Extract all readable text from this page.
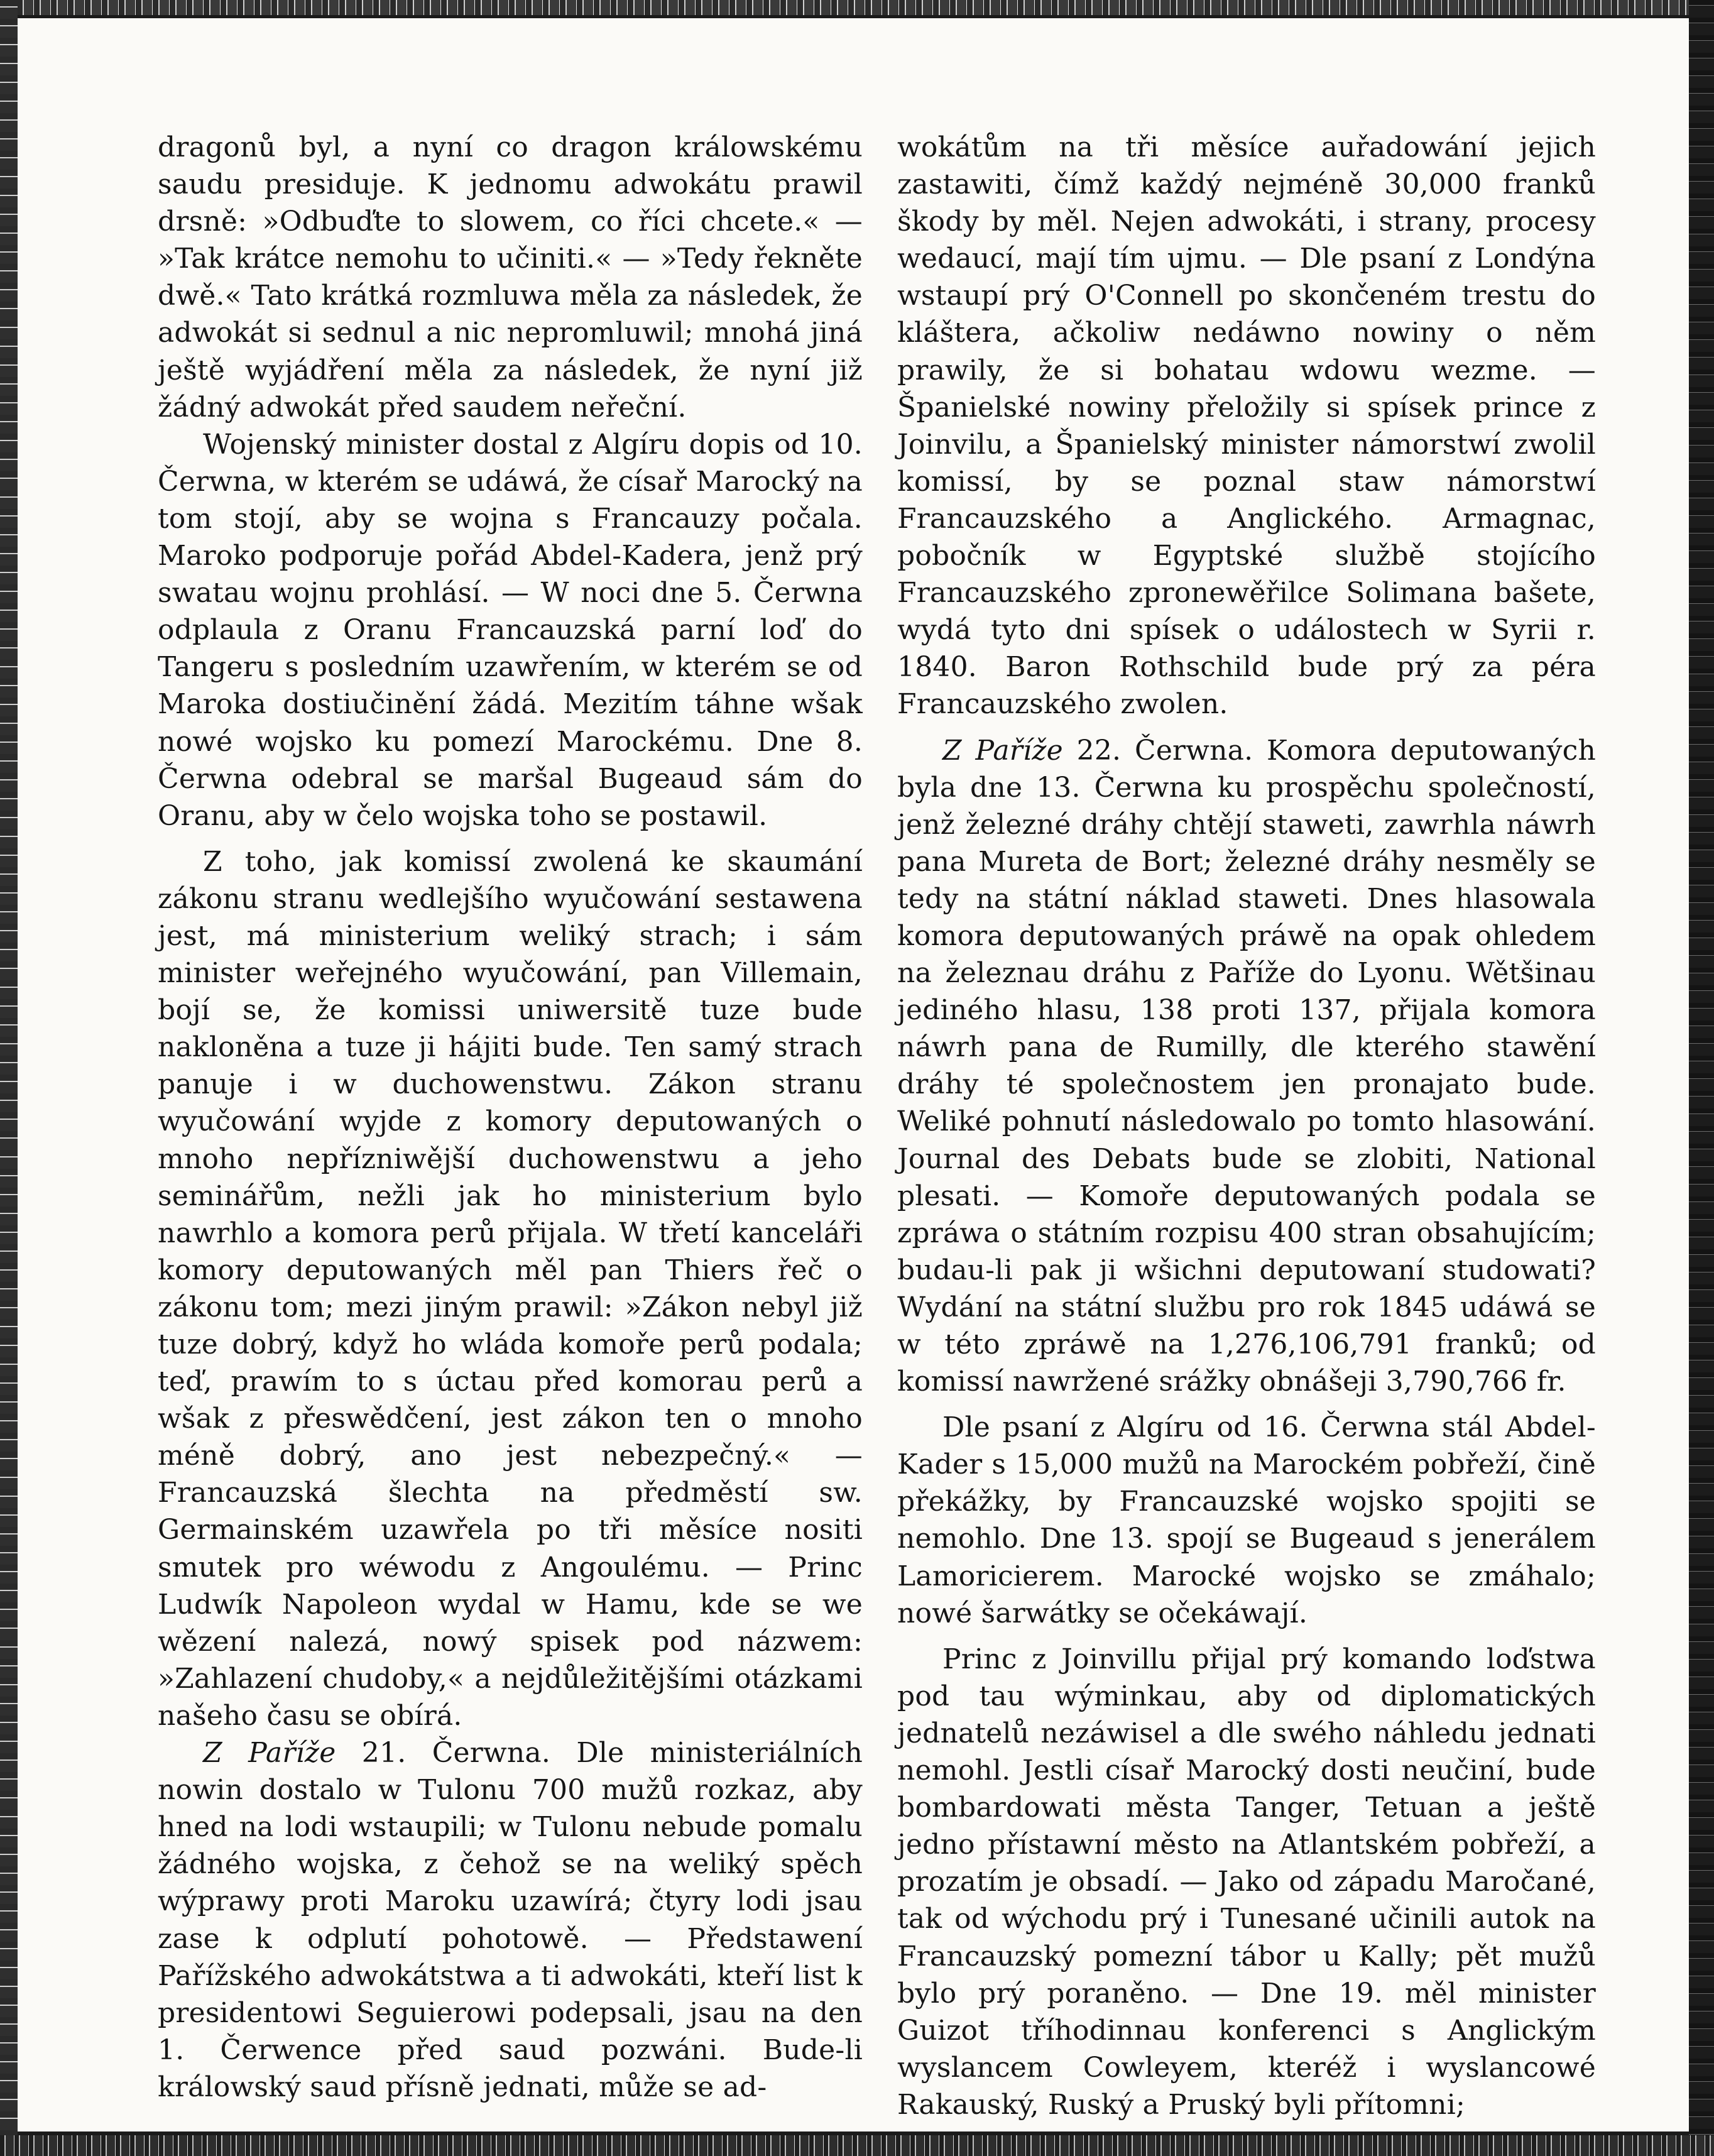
dragonů byl, a nyní co dragon králowskému saudu presiduje. K jednomu adwokátu prawil drsně: »Odbuďte to slowem, co říci chcete.« — »Tak krátce nemohu to učiniti.« — »Tedy řekněte dwě.« Tato krátká rozmluwa měla za následek, že adwokát si sednul a nic nepromluwil; mnohá jiná ještě wyjádření měla za následek, že nyní již žádný adwokát před saudem neřeční.

Wojenský minister dostal z Algíru dopis od 10. Čerwna, w kterém se udáwá, že císař Marocký na tom stojí, aby se wojna s Francauzy počala. Maroko podporuje pořád Abdel-Kadera, jenž prý swatau wojnu prohlásí. — W noci dne 5. Čerwna odplaula z Oranu Francauzská parní loď do Tangeru s posledním uzawřením, w kterém se od Maroka dostiučinění žádá. Mezitím táhne wšak nowé wojsko ku pomezí Marockému. Dne 8. Čerwna odebral se maršal Bugeaud sám do Oranu, aby w čelo wojska toho se postawil.

Z toho, jak komissí zwolená ke skaumání zákonu stranu wedlejšího wyučowání sestawena jest, má ministerium weliký strach; i sám minister weřejného wyučowání, pan Villemain, bojí se, že komissi uniwersitě tuze bude nakloněna a tuze ji hájiti bude. Ten samý strach panuje i w duchowenstwu. Zákon stranu wyučowání wyjde z komory deputowaných o mnoho nepřízniwější duchowenstwu a jeho seminářům, nežli jak ho ministerium bylo nawrhlo a komora perů přijala. W třetí kanceláři komory deputowaných měl pan Thiers řeč o zákonu tom; mezi jiným prawil: »Zákon nebyl již tuze dobrý, když ho wláda komoře perů podala; teď, prawím to s úctau před komorau perů a wšak z přeswědčení, jest zákon ten o mnoho méně dobrý, ano jest nebezpečný.« — Francauzská šlechta na předměstí sw. Germainském uzawřela po tři měsíce nositi smutek pro wéwodu z Angoulému. — Princ Ludwík Napoleon wydal w Hamu, kde se we wězení nalezá, nowý spisek pod názwem: »Zahlazení chudoby,« a nejdůležitějšími otázkami našeho času se obírá.

Z Paříže 21. Čerwna. Dle ministeriálních nowin dostalo w Tulonu 700 mužů rozkaz, aby hned na lodi wstaupili; w Tulonu nebude pomalu žádného wojska, z čehož se na weliký spěch wýprawy proti Maroku uzawírá; čtyry lodi jsau zase k odplutí pohotowě. — Předstawení Pařížského adwokátstwa a ti adwokáti, kteří list k presidentowi Seguierowi podepsali, jsau na den 1. Čerwence před saud pozwáni. Bude-li králowský saud přísně jednati, může se ad-

wokátům na tři měsíce auřadowání jejich zastawiti, čímž každý nejméně 30,000 franků škody by měl. Nejen adwokáti, i strany, procesy wedaucí, mají tím ujmu. — Dle psaní z Londýna wstaupí prý O'Connell po skončeném trestu do kláštera, ačkoliw nedáwno nowiny o něm prawily, že si bohatau wdowu wezme. — Španielské nowiny přeložily si spísek prince z Joinvilu, a Španielský minister námorstwí zwolil komissí, by se poznal staw námorstwí Francauzského a Anglického. Armagnac, pobočník w Egyptské službě stojícího Francauzského zpronewěřilce Solimana bašete, wydá tyto dni spísek o událostech w Syrii r. 1840. Baron Rothschild bude prý za péra Francauzského zwolen.

Z Paříže 22. Čerwna. Komora deputowaných byla dne 13. Čerwna ku prospěchu společností, jenž železné dráhy chtějí staweti, zawrhla náwrh pana Mureta de Bort; železné dráhy nesměly se tedy na státní náklad staweti. Dnes hlasowala komora deputowaných práwě na opak ohledem na železnau dráhu z Paříže do Lyonu. Wětšinau jediného hlasu, 138 proti 137, přijala komora náwrh pana de Rumilly, dle kterého stawění dráhy té společnostem jen pronajato bude. Weliké pohnutí následowalo po tomto hlasowání. Journal des Debats bude se zlobiti, National plesati. — Komoře deputowaných podala se zpráwa o státním rozpisu 400 stran obsahujícím; budau-li pak ji wšichni deputowaní studowati? Wydání na státní službu pro rok 1845 udáwá se w této zpráwě na 1,276,106,791 franků; od komissí nawržené srážky obnášeji 3,790,766 fr.

Dle psaní z Algíru od 16. Čerwna stál Abdel-Kader s 15,000 mužů na Marockém pobřeží, čině překážky, by Francauzské wojsko spojiti se nemohlo. Dne 13. spojí se Bugeaud s jenerálem Lamoricierem. Marocké wojsko se zmáhalo; nowé šarwátky se očekáwají.

Princ z Joinvillu přijal prý komando loďstwa pod tau wýminkau, aby od diplomatických jednatelů nezáwisel a dle swého náhledu jednati nemohl. Jestli císař Marocký dosti neučiní, bude bombardowati města Tanger, Tetuan a ještě jedno přístawní město na Atlantském pobřeží, a prozatím je obsadí. — Jako od západu Maročané, tak od wýchodu prý i Tunesané učinili autok na Francauzský pomezní tábor u Kally; pět mužů bylo prý poraněno. — Dne 19. měl minister Guizot tříhodinnau konferenci s Anglickým wyslancem Cowleyem, kteréž i wyslancowé Rakauský, Ruský a Pruský byli přítomni;
